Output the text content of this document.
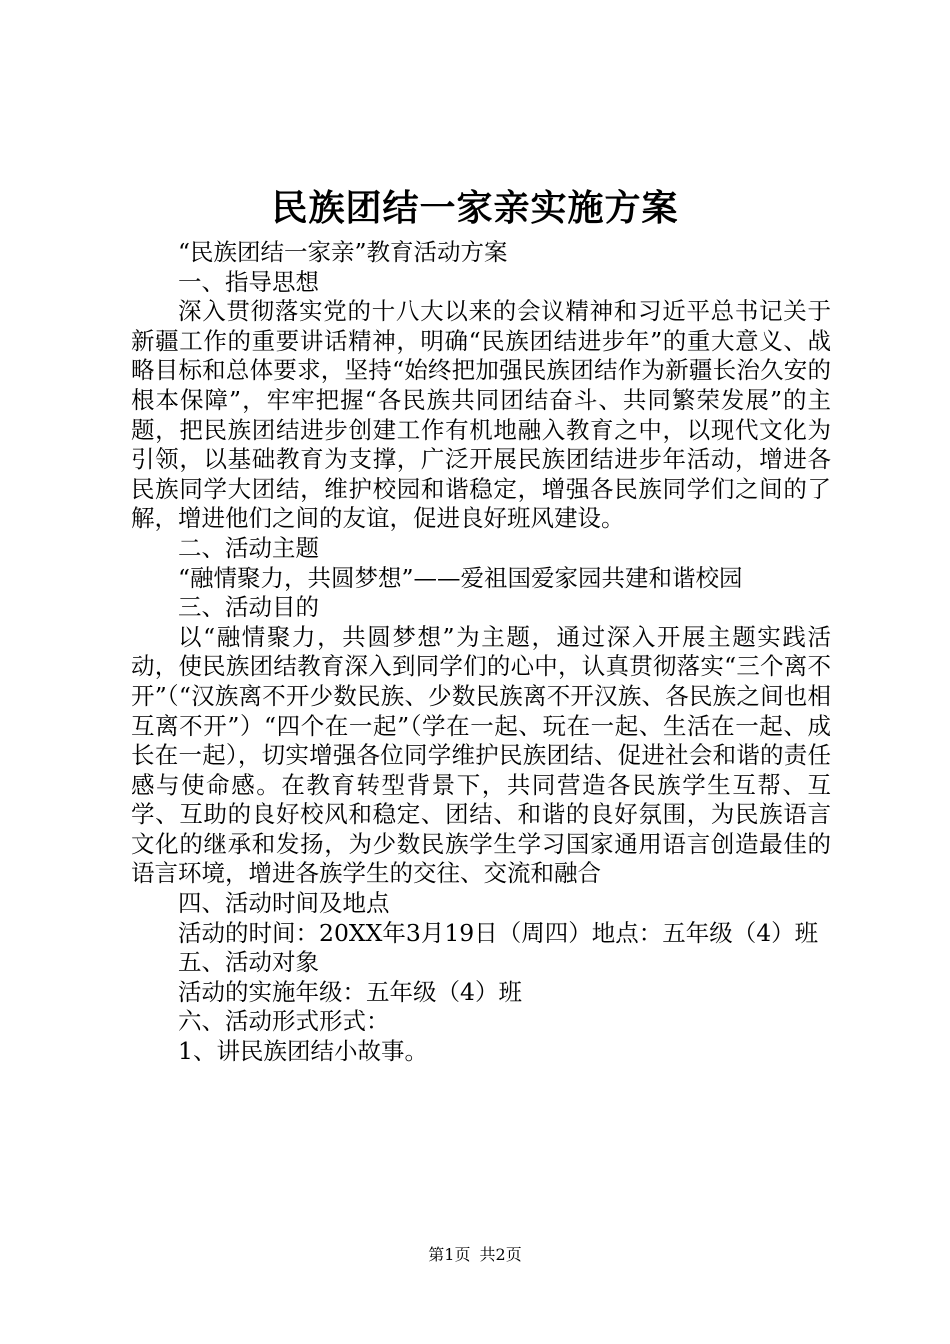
民族团结一家亲实施方案

“民族团结一家亲”教育活动方案

一、指导思想

深入贯彻落实党的十八大以来的会议精神和习近平总书记关于新疆工作的重要讲话精神，明确“民族团结进步年”的重大意义、战略目标和总体要求，坚持“始终把加强民族团结作为新疆长治久安的根本保障”，牢牢把握“各民族共同团结奋斗、共同繁荣发展”的主题，把民族团结进步创建工作有机地融入教育之中，以现代文化为引领，以基础教育为支撑，广泛开展民族团结进步年活动，增进各民族同学大团结，维护校园和谐稳定，增强各民族同学们之间的了解，增进他们之间的友谊，促进良好班风建设。

二、活动主题

“融情聚力，共圆梦想”——爱祖国爱家园共建和谐校园

三、活动目的

以“融情聚力，共圆梦想”为主题，通过深入开展主题实践活动，使民族团结教育深入到同学们的心中，认真贯彻落实“三个离不开”（“汉族离不开少数民族、少数民族离不开汉族、各民族之间也相互离不开”）“四个在一起”（学在一起、玩在一起、生活在一起、成长在一起），切实增强各位同学维护民族团结、促进社会和谐的责任感与使命感。在教育转型背景下，共同营造各民族学生互帮、互学、互助的良好校风和稳定、团结、和谐的良好氛围，为民族语言文化的继承和发扬，为少数民族学生学习国家通用语言创造最佳的语言环境，增进各族学生的交往、交流和融合

四、活动时间及地点

活动的时间：20XX年3月19日（周四）地点：五年级（4）班

五、活动对象

活动的实施年级：五年级（4）班

六、活动形式形式：

1、讲民族团结小故事。

第1页 共2页
